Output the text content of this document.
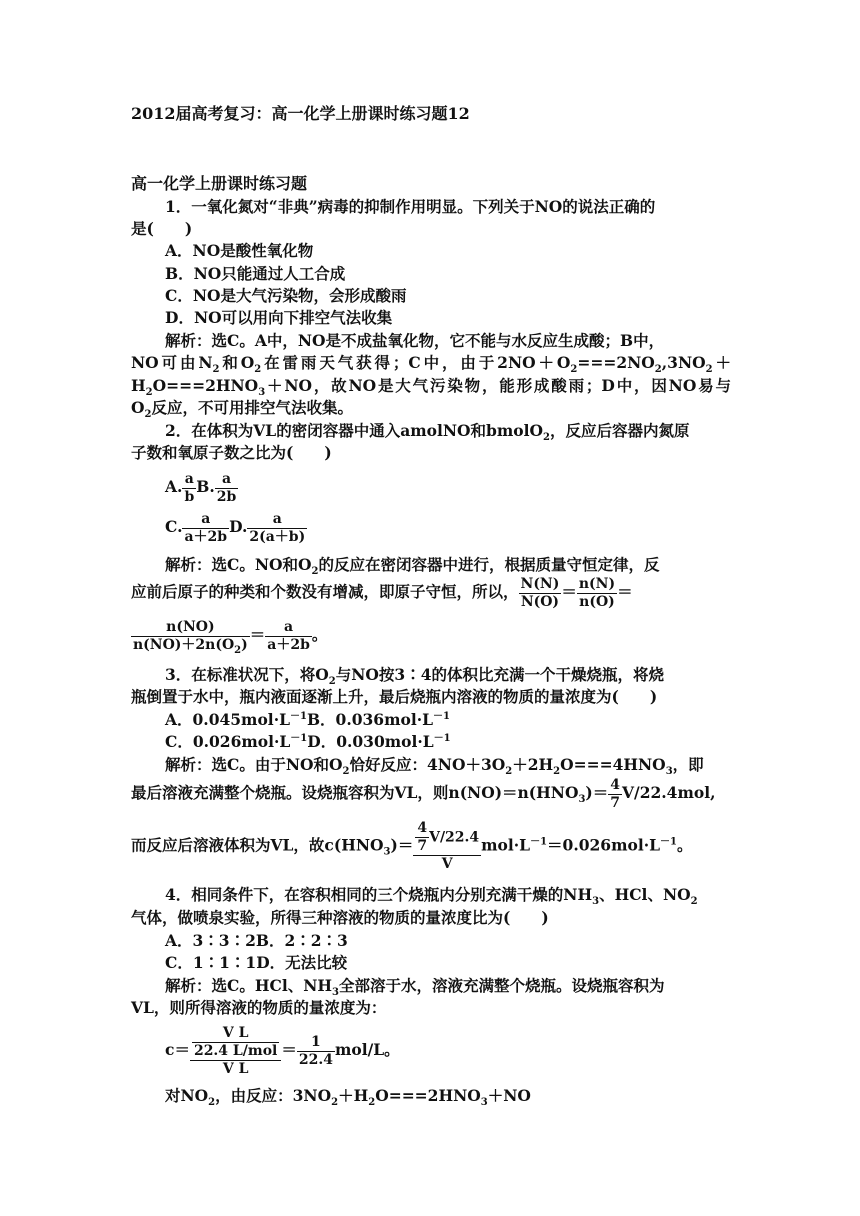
2012届高考复习：高一化学上册课时练习题12
高一化学上册课时练习题
1．一氧化氮对“非典”病毒的抑制作用明显。下列关于NO的说法正确的
是(　　)
A．NO是酸性氧化物
B．NO只能通过人工合成
C．NO是大气污染物，会形成酸雨
D．NO可以用向下排空气法收集
解析：选C。A中，NO是不成盐氧化物，它不能与水反应生成酸；B中，
NO可由$N_2$和$O_2$在雷雨天气获得；C中，由于$2NO+O_2===2NO_2,3NO_2+$
$H_2O===2HNO_3+NO$，故NO是大气污染物，能形成酸雨；D中，因NO易与
$O_2$反应，不可用排空气法收集。
2．在体积为VL的密闭容器中通入amolNO和bmolO$_2$，反应后容器内氮原
子数和氧原子数之比为(　　)
A. $\frac{a}{b} B$. $\frac{a}{2b}$
C. $\frac{a}{a+2b} D$. $\frac{a}{2(a+b)}$
解析：选C。NO和$O_2$的反应在密闭容器中进行，根据质量守恒定律，反
应前后原子的种类和个数没有增减，即原子守恒，所以， $\frac{N(N)}{N(O)} = \frac{n(N)}{n(O)}$ ＝
$\frac{n(NO)}{n(NO)+2n(O_2)} = \frac{a}{a+2b}$ 。
3．在标准状况下，将$O_2$与NO按3∶4的体积比充满一个干燥烧瓶，将烧
瓶倒置于水中，瓶内液面逐渐上升，最后烧瓶内溶液的物质的量浓度为(　　)
A．$0.045mol\cdot L^{-1}B$．$0.036mol\cdot L^{-1}$
C．$0.026mol\cdot L^{-1}D$．$0.030mol\cdot L^{-1}$
解析：选C。由于NO和$O_2$恰好反应：$4NO+3O_2+2H_2O===4HNO_3$，即
最后溶液充满整个烧瓶。设烧瓶容积为VL，则$n(NO)=n(HNO_3)= \frac{4}{7} V/22.4mol$,
而反应后溶液体积为VL，故$c(HNO_3)= \frac{\frac{4}{7} V/22.4}{V} mol\cdot L^{-1}=0.026mol\cdot L^{-1}$。
4．相同条件下，在容积相同的三个烧瓶内分别充满干燥的$NH_3$、HCl、$NO_2$
气体，做喷泉实验，所得三种溶液的物质的量浓度比为(　　)
A．3∶3∶2B．2∶2∶3
C．1∶1∶1D．无法比较
解析：选C。HCl、$NH_3$全部溶于水，溶液充满整个烧瓶。设烧瓶容积为
VL，则所得溶液的物质的量浓度为：
$c= \frac{\frac{\text{V L}}{\text{22.4 L/mol}}}{\text{V L}} = \frac{1}{22.4} mol/L$。
对$NO_2$，由反应：$3NO_2+H_2O===2HNO_3+NO$
